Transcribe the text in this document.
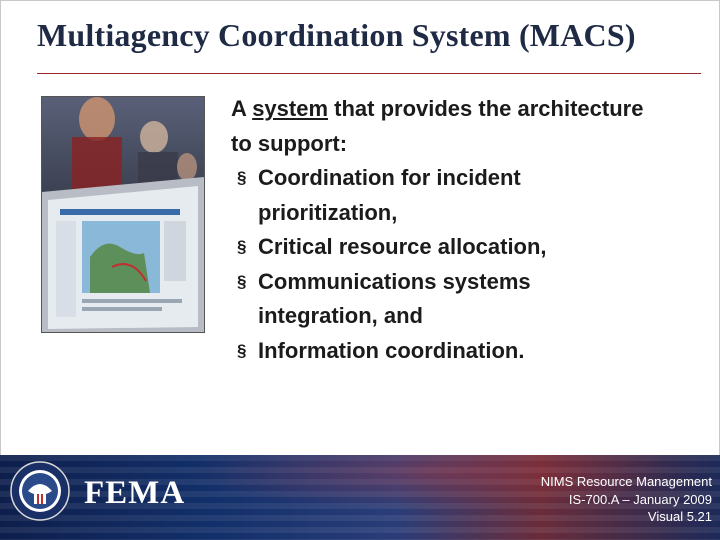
Multiagency Coordination System (MACS)
A system that provides the architecture to support:
§ Coordination for incident prioritization,
§ Critical resource allocation,
§ Communications systems integration, and
§ Information coordination.
FEMA	NIMS Resource Management
IS-700.A – January 2009
Visual 5.21
